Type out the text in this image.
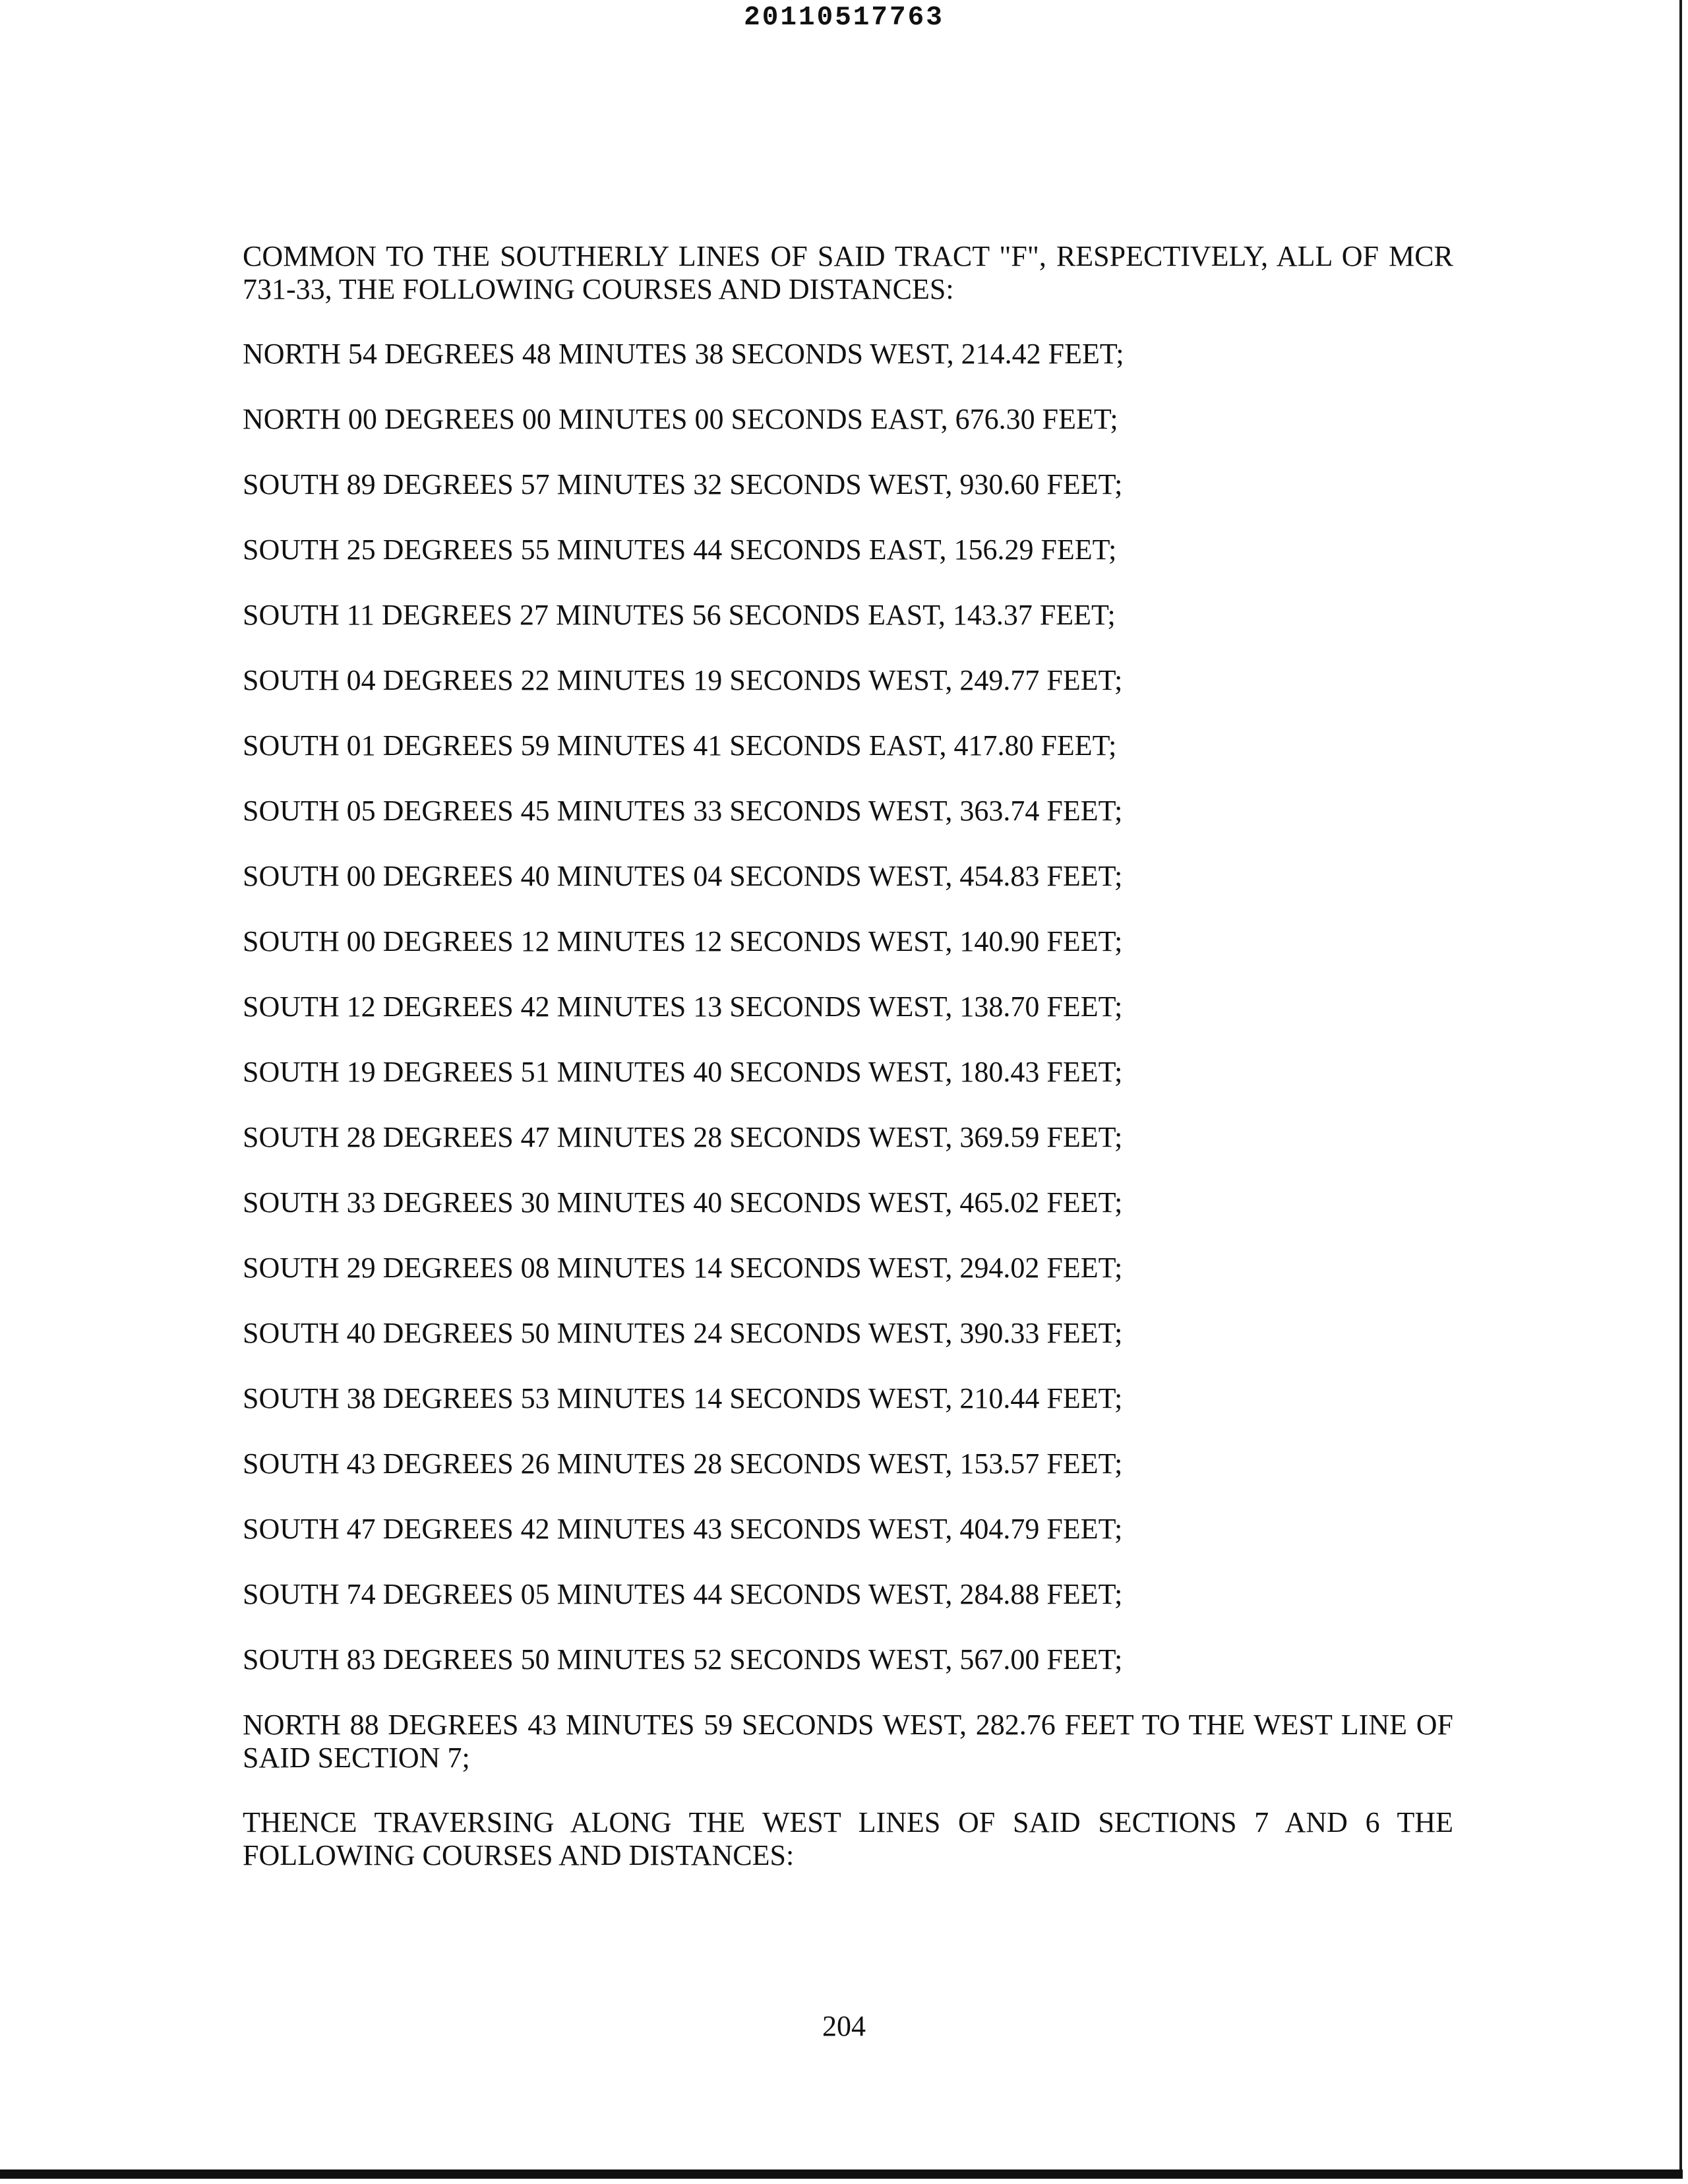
20110517763

COMMON TO THE SOUTHERLY LINES OF SAID TRACT "F", RESPECTIVELY, ALL OF MCR 731-33, THE FOLLOWING COURSES AND DISTANCES:

NORTH 54 DEGREES 48 MINUTES 38 SECONDS WEST, 214.42 FEET;

NORTH 00 DEGREES 00 MINUTES 00 SECONDS EAST, 676.30 FEET;

SOUTH 89 DEGREES 57 MINUTES 32 SECONDS WEST, 930.60 FEET;

SOUTH 25 DEGREES 55 MINUTES 44 SECONDS EAST, 156.29 FEET;

SOUTH 11 DEGREES 27 MINUTES 56 SECONDS EAST, 143.37 FEET;

SOUTH 04 DEGREES 22 MINUTES 19 SECONDS WEST, 249.77 FEET;

SOUTH 01 DEGREES 59 MINUTES 41 SECONDS EAST, 417.80 FEET;

SOUTH 05 DEGREES 45 MINUTES 33 SECONDS WEST, 363.74 FEET;

SOUTH 00 DEGREES 40 MINUTES 04 SECONDS WEST, 454.83 FEET;

SOUTH 00 DEGREES 12 MINUTES 12 SECONDS WEST, 140.90 FEET;

SOUTH 12 DEGREES 42 MINUTES 13 SECONDS WEST, 138.70 FEET;

SOUTH 19 DEGREES 51 MINUTES 40 SECONDS WEST, 180.43 FEET;

SOUTH 28 DEGREES 47 MINUTES 28 SECONDS WEST, 369.59 FEET;

SOUTH 33 DEGREES 30 MINUTES 40 SECONDS WEST, 465.02 FEET;

SOUTH 29 DEGREES 08 MINUTES 14 SECONDS WEST, 294.02 FEET;

SOUTH 40 DEGREES 50 MINUTES 24 SECONDS WEST, 390.33 FEET;

SOUTH 38 DEGREES 53 MINUTES 14 SECONDS WEST, 210.44 FEET;

SOUTH 43 DEGREES 26 MINUTES 28 SECONDS WEST, 153.57 FEET;

SOUTH 47 DEGREES 42 MINUTES 43 SECONDS WEST, 404.79 FEET;

SOUTH 74 DEGREES 05 MINUTES 44 SECONDS WEST, 284.88 FEET;

SOUTH 83 DEGREES 50 MINUTES 52 SECONDS WEST, 567.00 FEET;

NORTH 88 DEGREES 43 MINUTES 59 SECONDS WEST, 282.76 FEET TO THE WEST LINE OF SAID SECTION 7;

THENCE TRAVERSING ALONG THE WEST LINES OF SAID SECTIONS 7 AND 6 THE FOLLOWING COURSES AND DISTANCES:

204
